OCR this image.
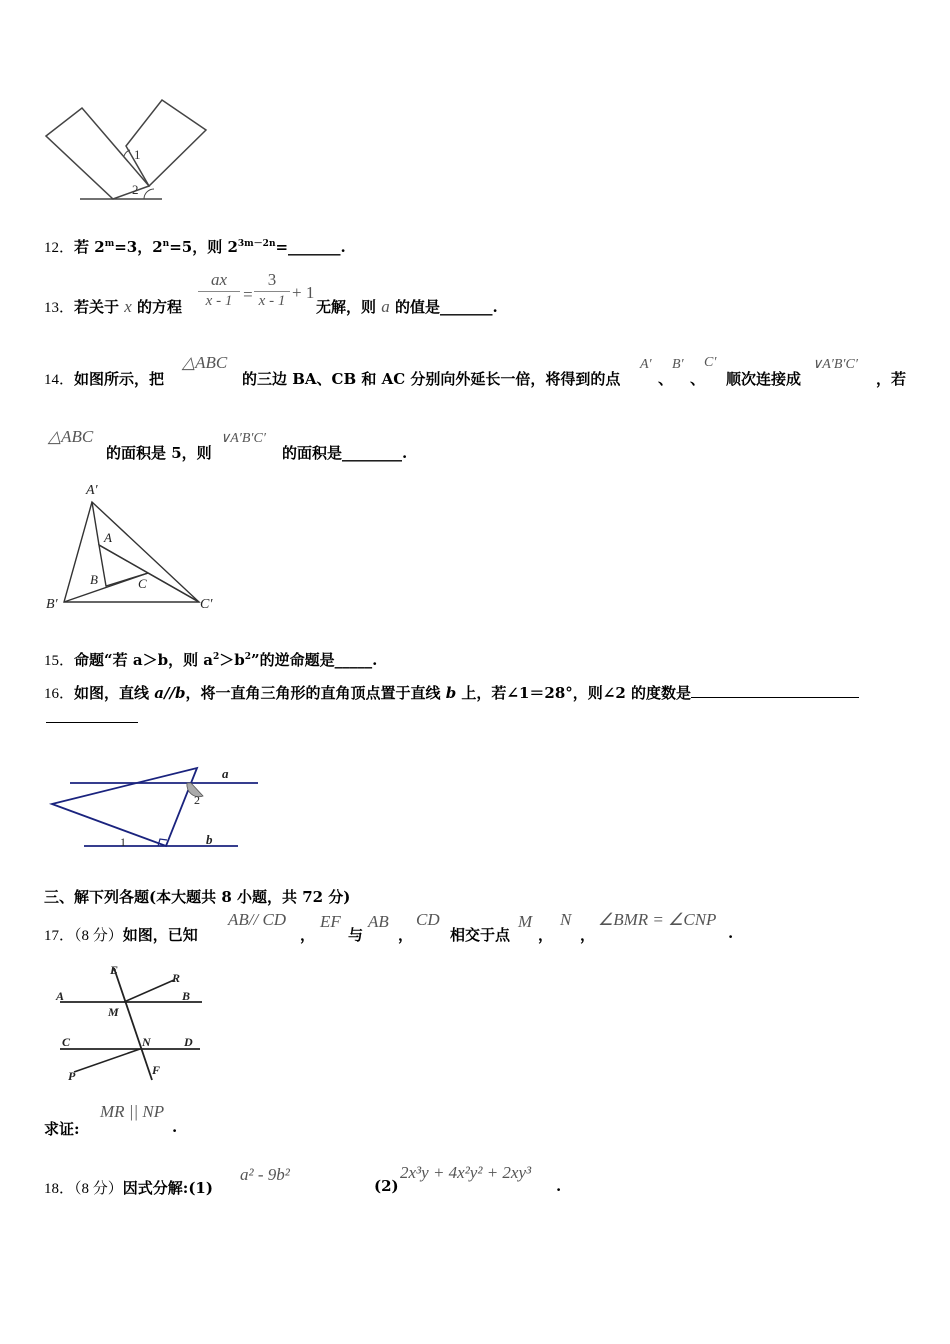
1
2
12．若 $2^m=3$，$2^n=5$，则 $2^{3m-2n}=\_\_\_\_\_\_\_$.
13．若关于 x 的方程
ax
x - 1 =
3
x - 1 + 1
无解，则 a 的值是_______.
14．如图所示，把
△ABC
的三边 BA、CB 和 AC 分别向外延长一倍，将得到的点
A′
、
B′
、
C′
顺次连接成
∨A′B′C′
，若
△ABC
的面积是 5，则
∨A′B′C′
的面积是________.
A′
A
B	C
B′	C′
15．命题“若 a＞b，则 $a^2>b^2$”的逆命题是_____.
16．如图，直线 a//b，将一直角三角形的直角顶点置于直线 b 上，若∠1＝28°，则∠2 的度数是
a
b
1
2
三、解下列各题(本大题共 8 小题，共 72 分)
17．（8 分）如图，已知
AB// CD
，
EF
与
AB
，
CD
相交于点
M
，
N
，
∠BMR = ∠CNP
.
E
R
A	B
M
C	N	D
P	F
求证:
MR || NP
.
18．（8 分）因式分解:(1)
a² - 9b²
(2)
2x³y + 4x²y² + 2xy³
.
